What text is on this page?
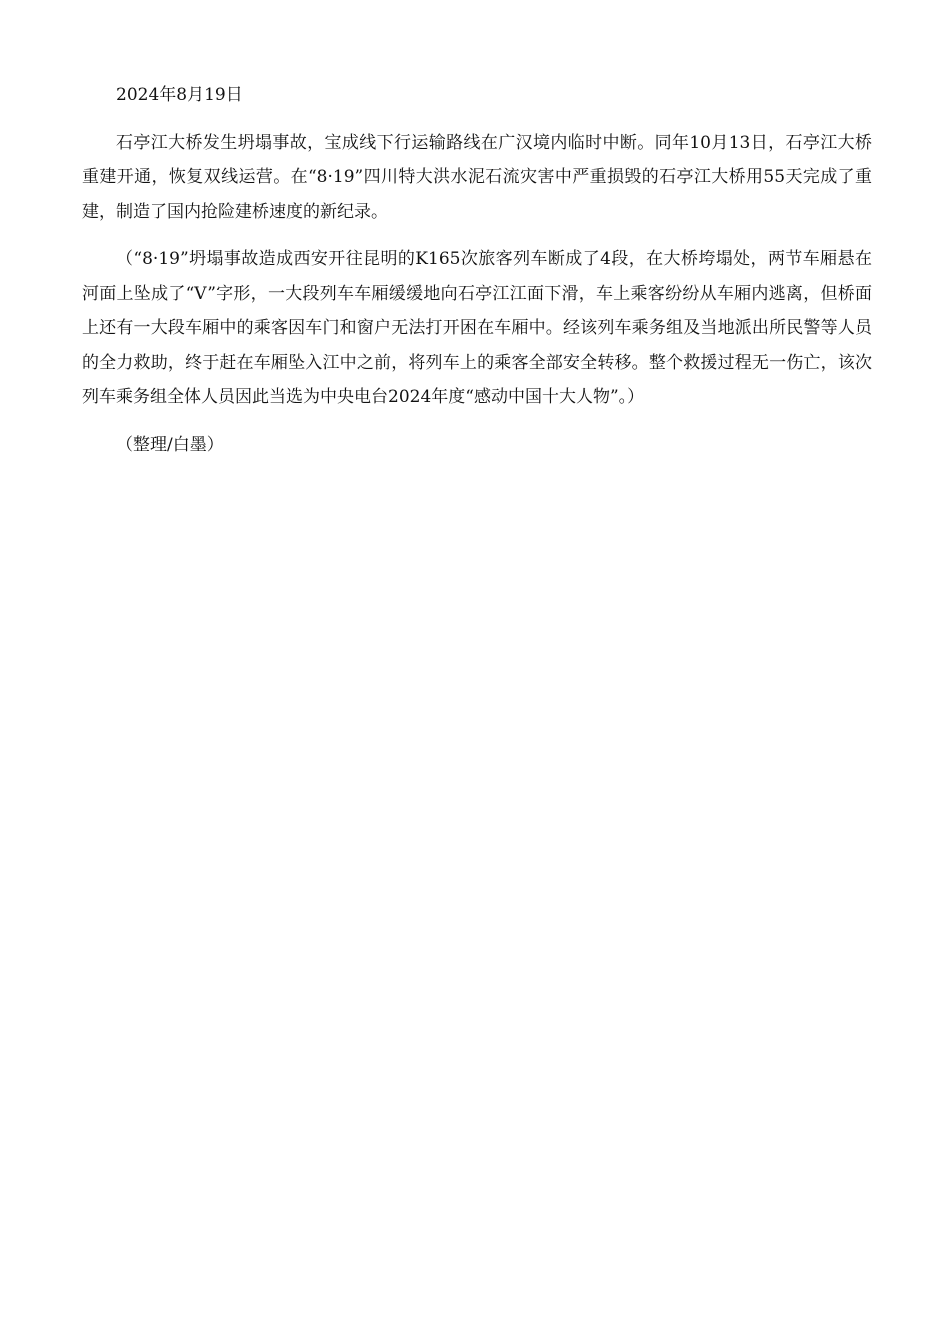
2024年8月19日

石亭江大桥发生坍塌事故，宝成线下行运输路线在广汉境内临时中断。同年10月13日，石亭江大桥重建开通，恢复双线运营。在“8·19”四川特大洪水泥石流灾害中严重损毁的石亭江大桥用55天完成了重建，制造了国内抢险建桥速度的新纪录。

（“8·19”坍塌事故造成西安开往昆明的K165次旅客列车断成了4段，在大桥垮塌处，两节车厢悬在河面上坠成了“V”字形，一大段列车车厢缓缓地向石亭江江面下滑，车上乘客纷纷从车厢内逃离，但桥面上还有一大段车厢中的乘客因车门和窗户无法打开困在车厢中。经该列车乘务组及当地派出所民警等人员的全力救助，终于赶在车厢坠入江中之前，将列车上的乘客全部安全转移。整个救援过程无一伤亡，该次列车乘务组全体人员因此当选为中央电台2024年度“感动中国十大人物”。）

（整理/白墨）
